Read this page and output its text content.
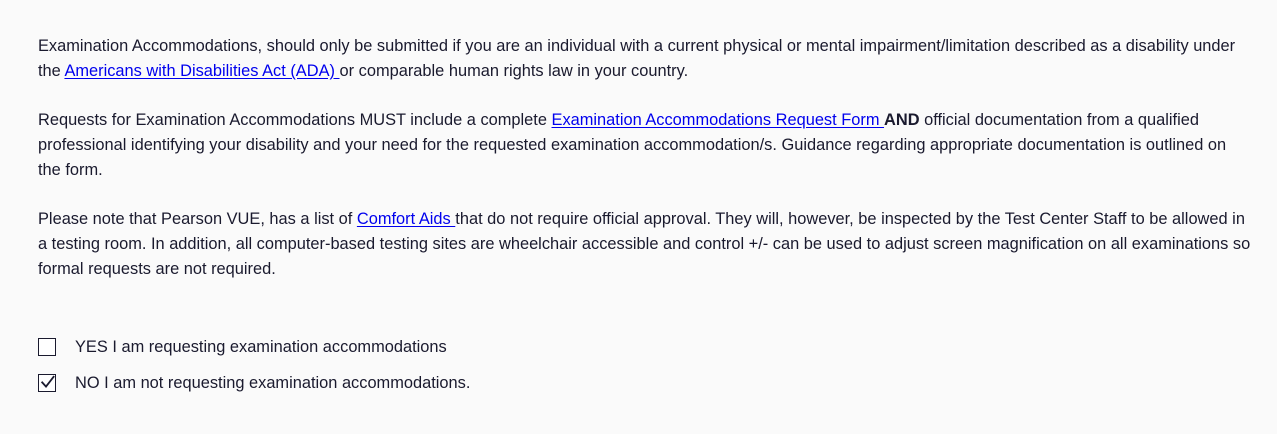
Examination Accommodations, should only be submitted if you are an individual with a current physical or mental impairment/limitation described as a disability under the Americans with Disabilities Act (ADA) or comparable human rights law in your country.

Requests for Examination Accommodations MUST include a complete Examination Accommodations Request Form AND official documentation from a qualified professional identifying your disability and your need for the requested examination accommodation/s. Guidance regarding appropriate documentation is outlined on the form.

Please note that Pearson VUE, has a list of Comfort Aids that do not require official approval. They will, however, be inspected by the Test Center Staff to be allowed in a testing room. In addition, all computer-based testing sites are wheelchair accessible and control +/- can be used to adjust screen magnification on all examinations so formal requests are not required.

YES I am requesting examination accommodations
NO I am not requesting examination accommodations.
